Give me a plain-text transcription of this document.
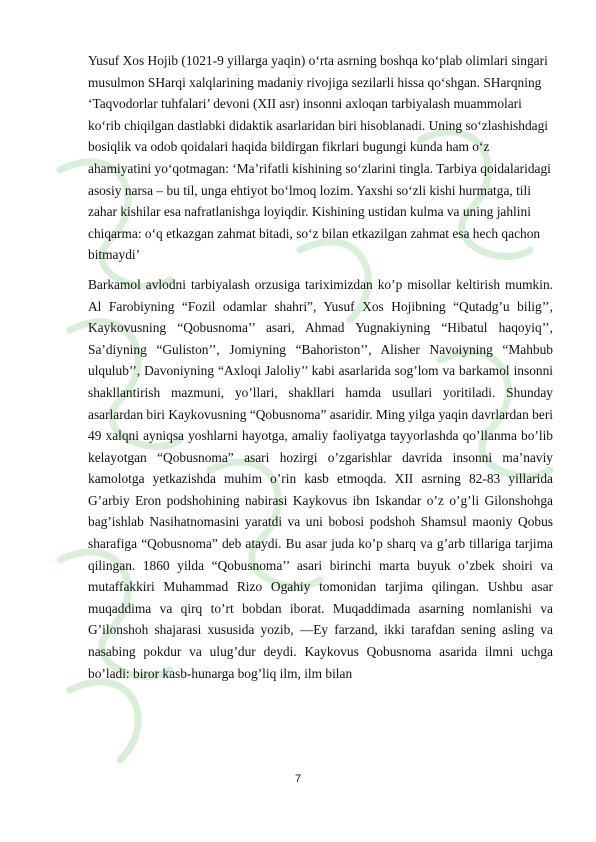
Yusuf Xos Hojib (1021-9 yillarga yaqin) o‘rta asrning boshqa ko‘plab olimlari singari musulmon SHarqi xalqlarining madaniy rivojiga sezilarli hissa qo‘shgan. SHarqning ‘Taqvodorlar tuhfalari’ devoni (XII asr) insonni axloqan tarbiyalash muammolari ko‘rib chiqilgan dastlabki didaktik asarlaridan biri hisoblanadi. Uning so‘zlashishdagi bosiqlik va odob qoidalari haqida bildirgan fikrlari bugungi kunda ham o‘z ahamiyatini yo‘qotmagan: ‘Ma’rifatli kishining so‘zlarini tingla. Tarbiya qoidalaridagi asosiy narsa – bu til, unga ehtiyot bo‘lmoq lozim. Yaxshi so‘zli kishi hurmatga, tili zahar kishilar esa nafratlanishga loyiqdir. Kishining ustidan kulma va uning jahlini chiqarma: o‘q etkazgan zahmat bitadi, so‘z bilan etkazilgan zahmat esa hech qachon bitmaydi’

Barkamol avlodni tarbiyalash orzusiga tariximizdan ko’p misollar keltirish mumkin. Al Farobiyning “Fozil odamlar shahri”, Yusuf Xos Hojibning “Qutadg’u bilig’’, Kaykovusning “Qobusnoma’’ asari, Ahmad Yugnakiyning “Hibatul haqoyiq’’, Sa’diyning “Guliston’’, Jomiyning “Bahoriston’’, Alisher Navoiyning “Mahbub ulqulub’’, Davoniyning “Axloqi Jaloliy’’ kabi asarlarida sog’lom va barkamol insonni shakllantirish mazmuni, yo’llari, shakllari hamda usullari yoritiladi. Shunday asarlardan biri Kaykovusning “Qobusnoma” asaridir. Ming yilga yaqin davrlardan beri 49 xalqni ayniqsa yoshlarni hayotga, amaliy faoliyatga tayyorlashda qo’llanma bo’lib kelayotgan “Qobusnoma” asari hozirgi o’zgarishlar davrida insonni ma’naviy kamolotga yetkazishda muhim o’rin kasb etmoqda. XII asrning 82-83 yillarida G’arbiy Eron podshohining nabirasi Kaykovus ibn Iskandar o’z o’g’li Gilonshohga bag’ishlab Nasihatnomasini yaratdi va uni bobosi podshoh Shamsul maoniy Qobus sharafiga “Qobusnoma” deb ataydi. Bu asar juda ko’p sharq va g’arb tillariga tarjima qilingan. 1860 yilda “Qobusnoma’’ asari birinchi marta buyuk o’zbek shoiri va mutaffakkiri Muhammad Rizo Ogahiy tomonidan tarjima qilingan. Ushbu asar muqaddima va qirq to’rt bobdan iborat. Muqaddimada asarning nomlanishi va G’ilonshoh shajarasi xususida yozib, ―Ey farzand, ikki tarafdan sening asling va nasabing pokdur va ulug’dur deydi. Kaykovus Qobusnoma asarida ilmni uchga bo’ladi: biror kasb-hunarga bog’liq ilm, ilm bilan

7
